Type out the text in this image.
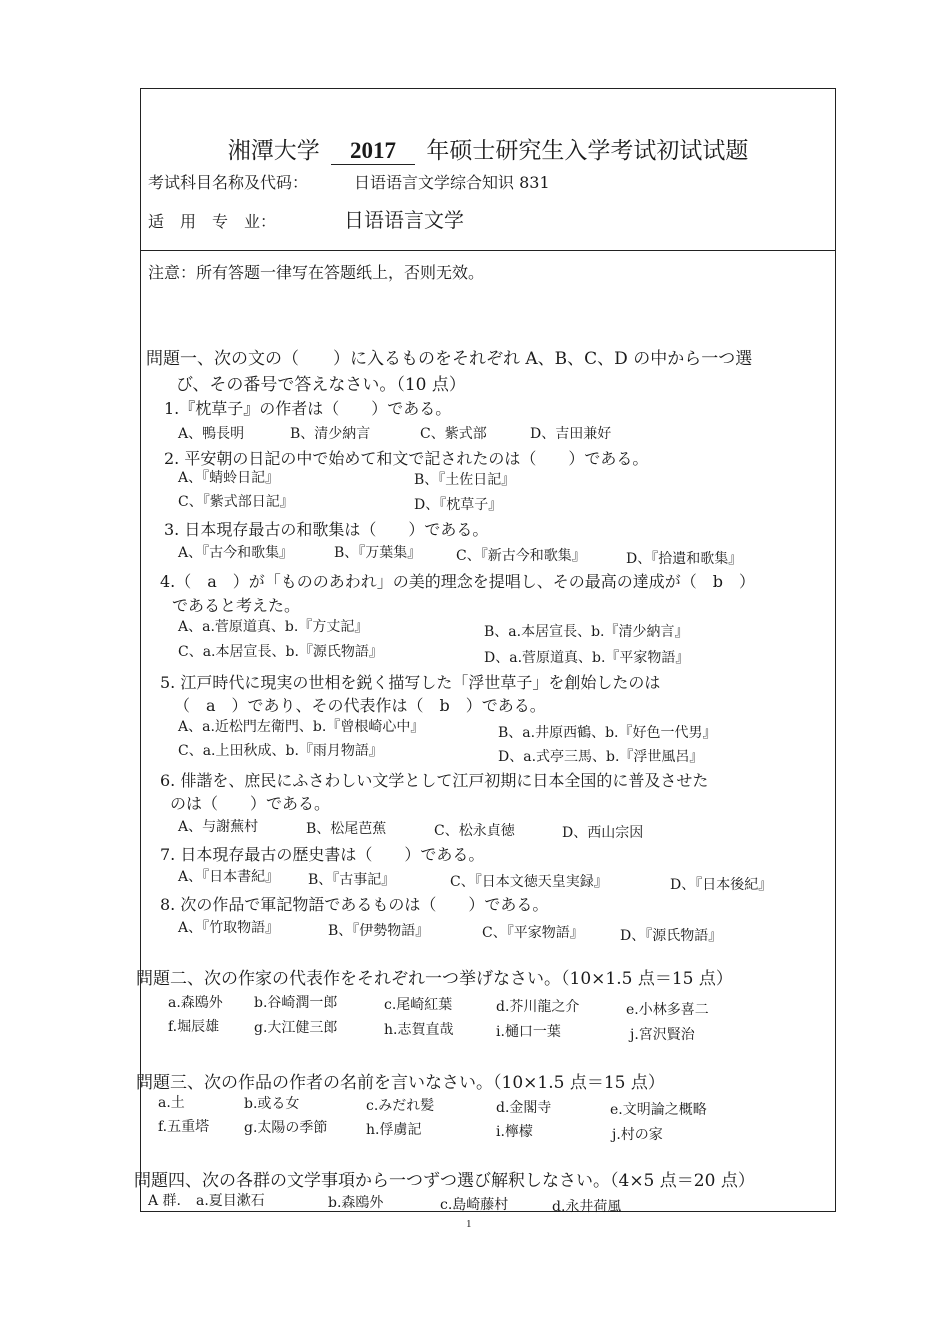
湘潭大学 2017 年硕士研究生入学考试初试试题
考试科目名称及代码：	日语语言文学综合知识 831
适　用　专　业：	日语语言文学
注意：所有答题一律写在答题纸上，否则无效。
問題一、次の文の（　　）に入るものをそれぞれ A、B、C、D の中から一つ選
び、その番号で答えなさい。（10 点）
1.『枕草子』の作者は（　　）である。
A、鴨長明	B、清少納言	C、紫式部	D、吉田兼好
2. 平安朝の日記の中で始めて和文で記されたのは（　　）である。
A、『蜻蛉日記』	B、『土佐日記』
C、『紫式部日記』	D、『枕草子』
3. 日本現存最古の和歌集は（　　）である。
A、『古今和歌集』	B、『万葉集』 C、『新古今和歌集』	D、『拾遺和歌集』
4.（　a　）が「もののあわれ」の美的理念を提唱し、その最高の達成が（　b　）
であると考えた。
A、a.菅原道真、b.『方丈記』	B、a.本居宣長、b.『清少納言』
C、a.本居宣長、b.『源氏物語』	D、a.菅原道真、b.『平家物語』
5. 江戸時代に現実の世相を鋭く描写した「浮世草子」を創始したのは
（　a　）であり、その代表作は（　b　）である。
A、a.近松門左衛門、b.『曾根崎心中』	B、a.井原西鶴、b.『好色一代男』
C、a.上田秋成、b.『雨月物語』	D、a.式亭三馬、b.『浮世風呂』
6. 俳諧を、庶民にふさわしい文学として江戸初期に日本全国的に普及させた
のは（　　）である。
A、与謝蕪村	B、松尾芭蕉	C、松永貞徳	D、西山宗因
7. 日本現存最古の歴史書は（　　）である。
A、『日本書紀』 B、『古事記』	C、『日本文徳天皇実録』	D、『日本後紀』
8. 次の作品で軍記物語であるものは（　　）である。
A、『竹取物語』	B、『伊勢物語』	C、『平家物語』	D、『源氏物語』
問題二、次の作家の代表作をそれぞれ一つ挙げなさい。（10×1.5 点＝15 点）
a.森鴎外 b.谷崎潤一郎	c.尾崎紅葉	d.芥川龍之介	e.小林多喜二
f.堀辰雄 g.大江健三郎	h.志賀直哉	i.樋口一葉	j.宮沢賢治
問題三、次の作品の作者の名前を言いなさい。（10×1.5 点＝15 点）
a.土	b.或る女	c.みだれ髪	d.金閣寺	e.文明論之概略
f.五重塔 g.太陽の季節	h.俘虜記	i.檸檬	j.村の家
問題四、次の各群の文学事項から一つずつ選び解釈しなさい。（4×5 点＝20 点）
A 群. a.夏目漱石	b.森鴎外	c.島崎藤村	d.永井荷風
1
